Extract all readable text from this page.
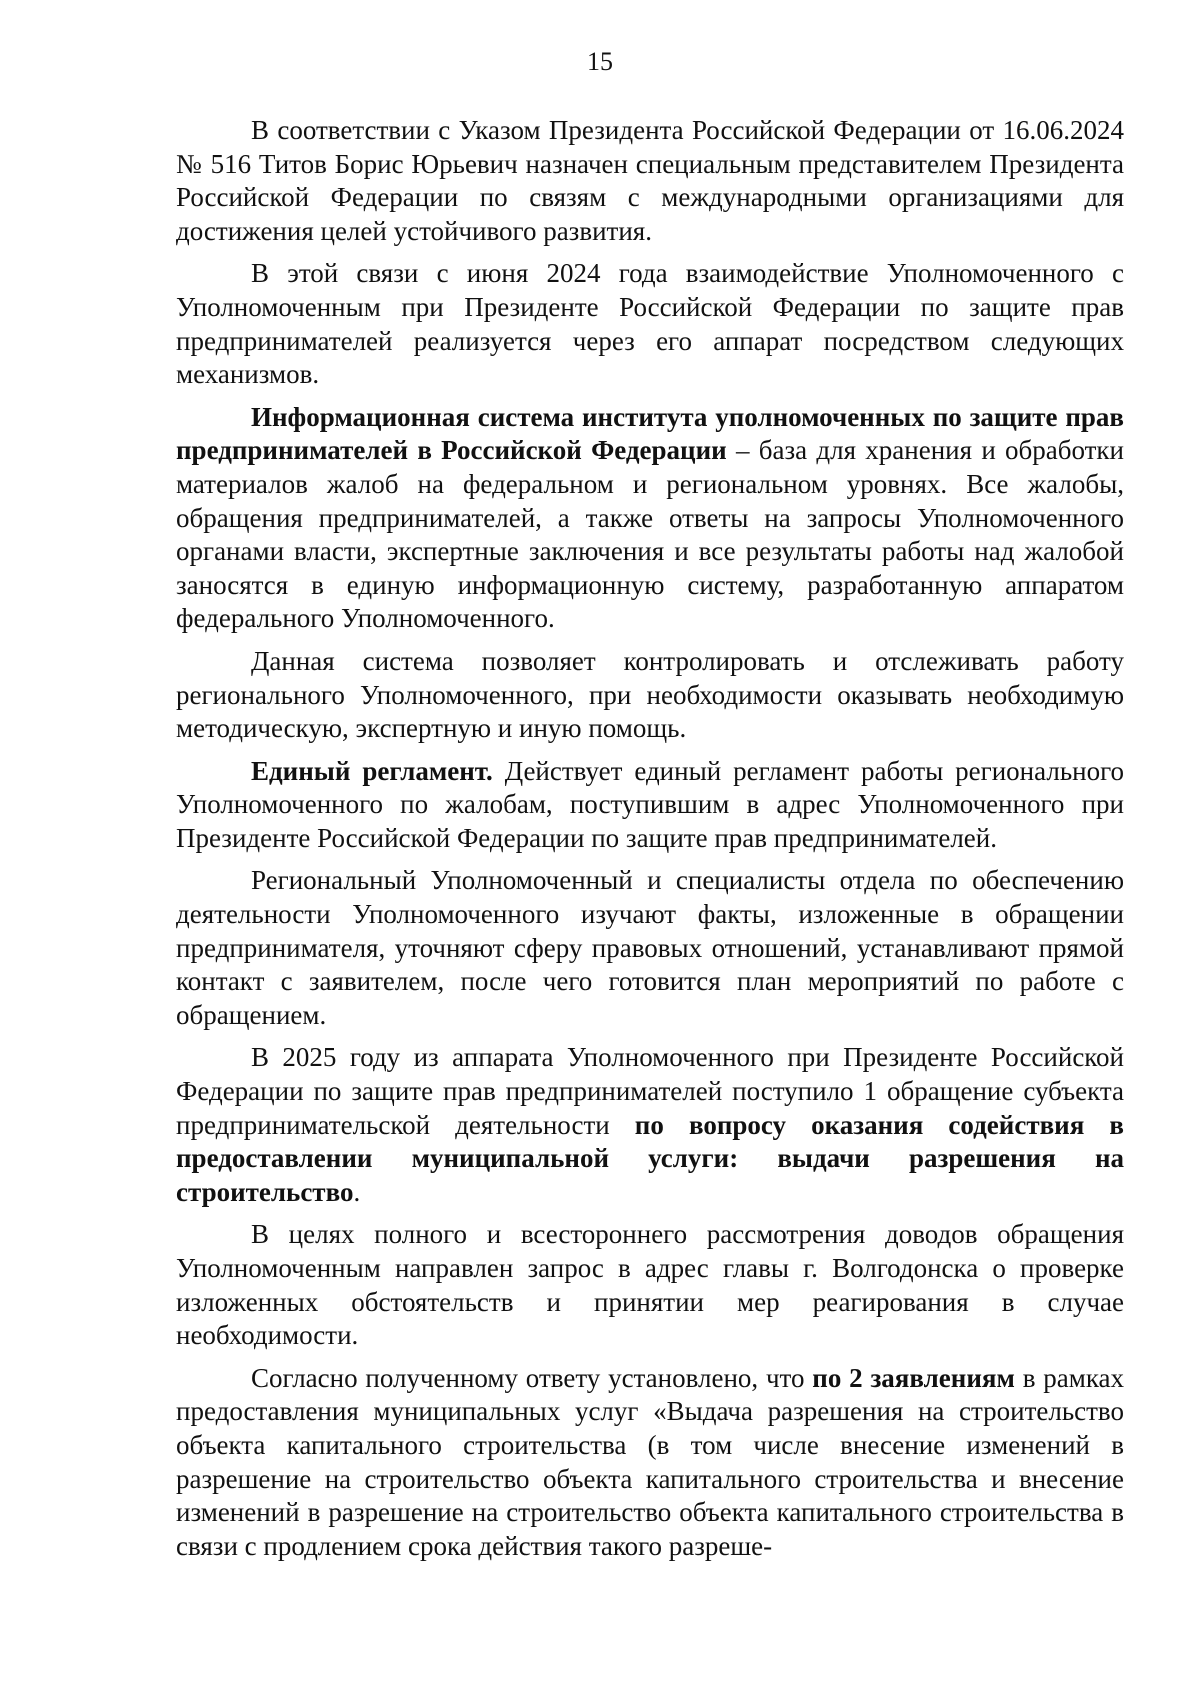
15

В соответствии с Указом Президента Российской Федерации от 16.06.2024 № 516 Титов Борис Юрьевич назначен специальным представителем Президента Российской Федерации по связям с международными организациями для достижения целей устойчивого развития.

В этой связи с июня 2024 года взаимодействие Уполномоченного с Уполномоченным при Президенте Российской Федерации по защите прав предпринимателей реализуется через его аппарат посредством следующих механизмов.

Информационная система института уполномоченных по защите прав предпринимателей в Российской Федерации – база для хранения и обработки материалов жалоб на федеральном и региональном уровнях. Все жалобы, обращения предпринимателей, а также ответы на запросы Уполномоченного органами власти, экспертные заключения и все результаты работы над жалобой заносятся в единую информационную систему, разработанную аппаратом федерального Уполномоченного.

Данная система позволяет контролировать и отслеживать работу регионального Уполномоченного, при необходимости оказывать необходимую методическую, экспертную и иную помощь.

Единый регламент. Действует единый регламент работы регионального Уполномоченного по жалобам, поступившим в адрес Уполномоченного при Президенте Российской Федерации по защите прав предпринимателей.

Региональный Уполномоченный и специалисты отдела по обеспечению деятельности Уполномоченного изучают факты, изложенные в обращении предпринимателя, уточняют сферу правовых отношений, устанавливают прямой контакт с заявителем, после чего готовится план мероприятий по работе с обращением.

В 2025 году из аппарата Уполномоченного при Президенте Российской Федерации по защите прав предпринимателей поступило 1 обращение субъекта предпринимательской деятельности по вопросу оказания содействия в предоставлении муниципальной услуги: выдачи разрешения на строительство.

В целях полного и всестороннего рассмотрения доводов обращения Уполномоченным направлен запрос в адрес главы г. Волгодонска о проверке изложенных обстоятельств и принятии мер реагирования в случае необходимости.

Согласно полученному ответу установлено, что по 2 заявлениям в рамках предоставления муниципальных услуг «Выдача разрешения на строительство объекта капитального строительства (в том числе внесение изменений в разрешение на строительство объекта капитального строительства и внесение изменений в разрешение на строительство объекта капитального строительства в связи с продлением срока действия такого разреше-
